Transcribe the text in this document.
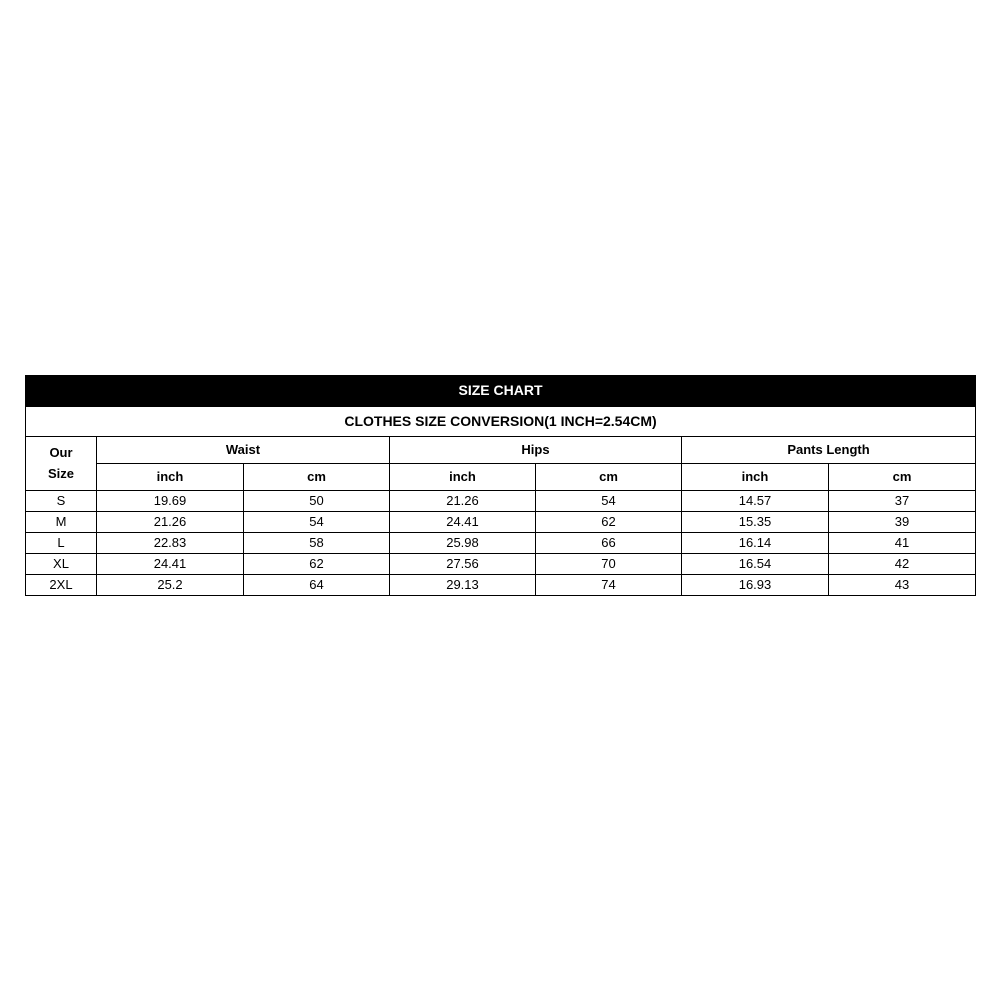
SIZE CHART						
CLOTHES SIZE CONVERSION(1 INCH=2.54CM)						
Our
Size	Waist		Hips		Pants Length	
	inch	cm	inch	cm	inch	cm
S	19.69	50	21.26	54	14.57	37
M	21.26	54	24.41	62	15.35	39
L	22.83	58	25.98	66	16.14	41
XL	24.41	62	27.56	70	16.54	42
2XL	25.2	64	29.13	74	16.93	43
